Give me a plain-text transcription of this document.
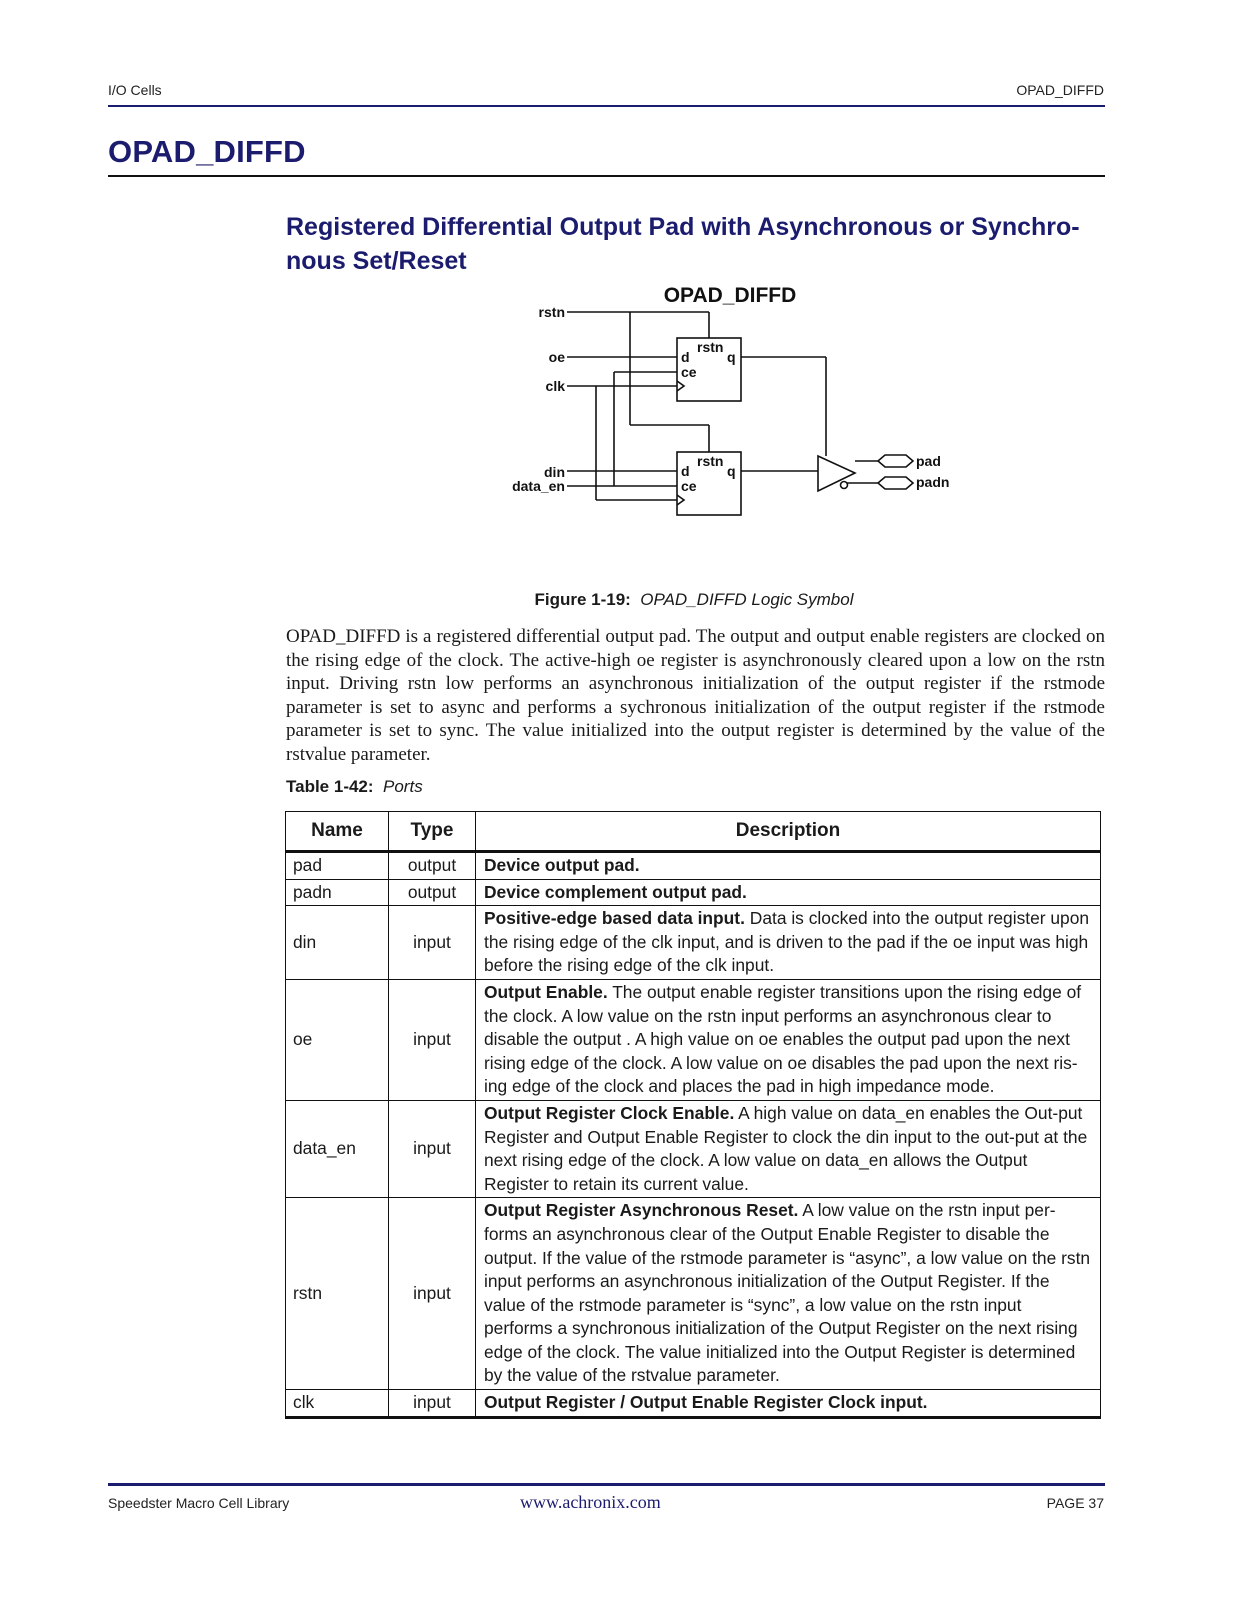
I/O Cells	OPAD_DIFFD
OPAD_DIFFD
Registered Differential Output Pad with Asynchronous or Synchro-
nous Set/Reset
OPAD_DIFFD
rstn
oe
clk
din
data_en
pad
padn
rstn
d	q
ce
rstn
d	q
ce
Figure 1-19: OPAD_DIFFD Logic Symbol
OPAD_DIFFD is a registered differential output pad. The output and output enable registers are clocked on the rising edge of the clock. The active-high oe register is asynchronously cleared upon a low on the rstn input. Driving rstn low performs an asynchronous initialization of the output register if the rstmode parameter is set to async and performs a sychronous initialization of the output register if the rstmode parameter is set to sync. The value initialized into the output register is determined by the value of the rstvalue parameter.
Table 1-42: Ports
Name	Type	Description
pad	output	Device output pad.
padn	output	Device complement output pad.
din	input	Positive-edge based data input. Data is clocked into the output register upon the rising edge of the clk input, and is driven to the pad if the oe input was high before the rising edge of the clk input.
oe	input	Output Enable. The output enable register transitions upon the rising edge of the clock. A low value on the rstn input performs an asynchronous clear to disable the output . A high value on oe enables the output pad upon the next rising edge of the clock. A low value on oe disables the pad upon the next ris-ing edge of the clock and places the pad in high impedance mode.
data_en	input	Output Register Clock Enable. A high value on data_en enables the Out-put Register and Output Enable Register to clock the din input to the out-put at the next rising edge of the clock. A low value on data_en allows the Output Register to retain its current value.
rstn	input	Output Register Asynchronous Reset. A low value on the rstn input per-forms an asynchronous clear of the Output Enable Register to disable the output. If the value of the rstmode parameter is “async”, a low value on the rstn input performs an asynchronous initialization of the Output Register. If the value of the rstmode parameter is “sync”, a low value on the rstn input performs a synchronous initialization of the Output Register on the next rising edge of the clock. The value initialized into the Output Register is determined by the value of the rstvalue parameter.
clk	input	Output Register / Output Enable Register Clock input.
Speedster Macro Cell Library	www.achronix.com	PAGE 37
